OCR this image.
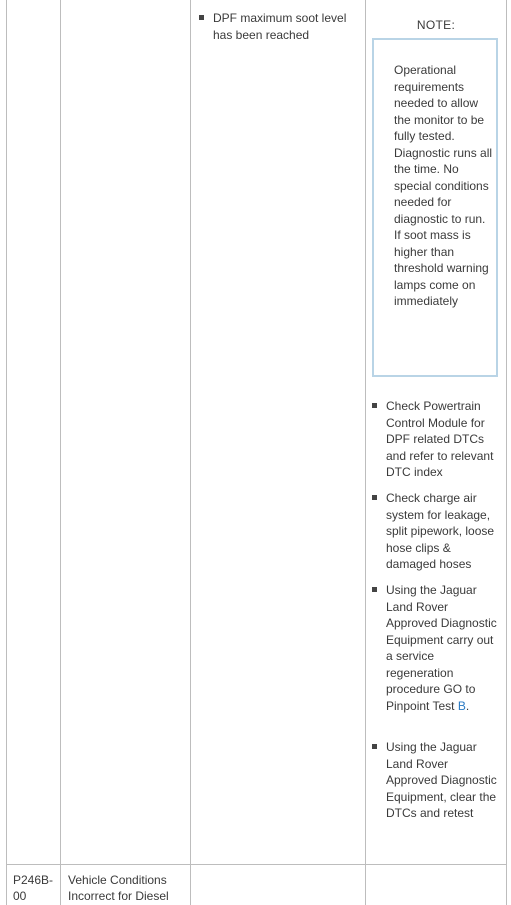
DPF maximum soot level has been reached
NOTE:
Operational requirements needed to allow the monitor to be fully tested. Diagnostic runs all the time. No special conditions needed for diagnostic to run. If soot mass is higher than threshold warning lamps come on immediately
Check Powertrain Control Module for DPF related DTCs and refer to relevant DTC index
Check charge air system for leakage, split pipework, loose hose clips & damaged hoses
Using the Jaguar Land Rover Approved Diagnostic Equipment carry out a service regeneration procedure GO to Pinpoint Test B.
Using the Jaguar Land Rover Approved Diagnostic Equipment, clear the DTCs and retest
P246B-00
Vehicle Conditions Incorrect for Diesel
